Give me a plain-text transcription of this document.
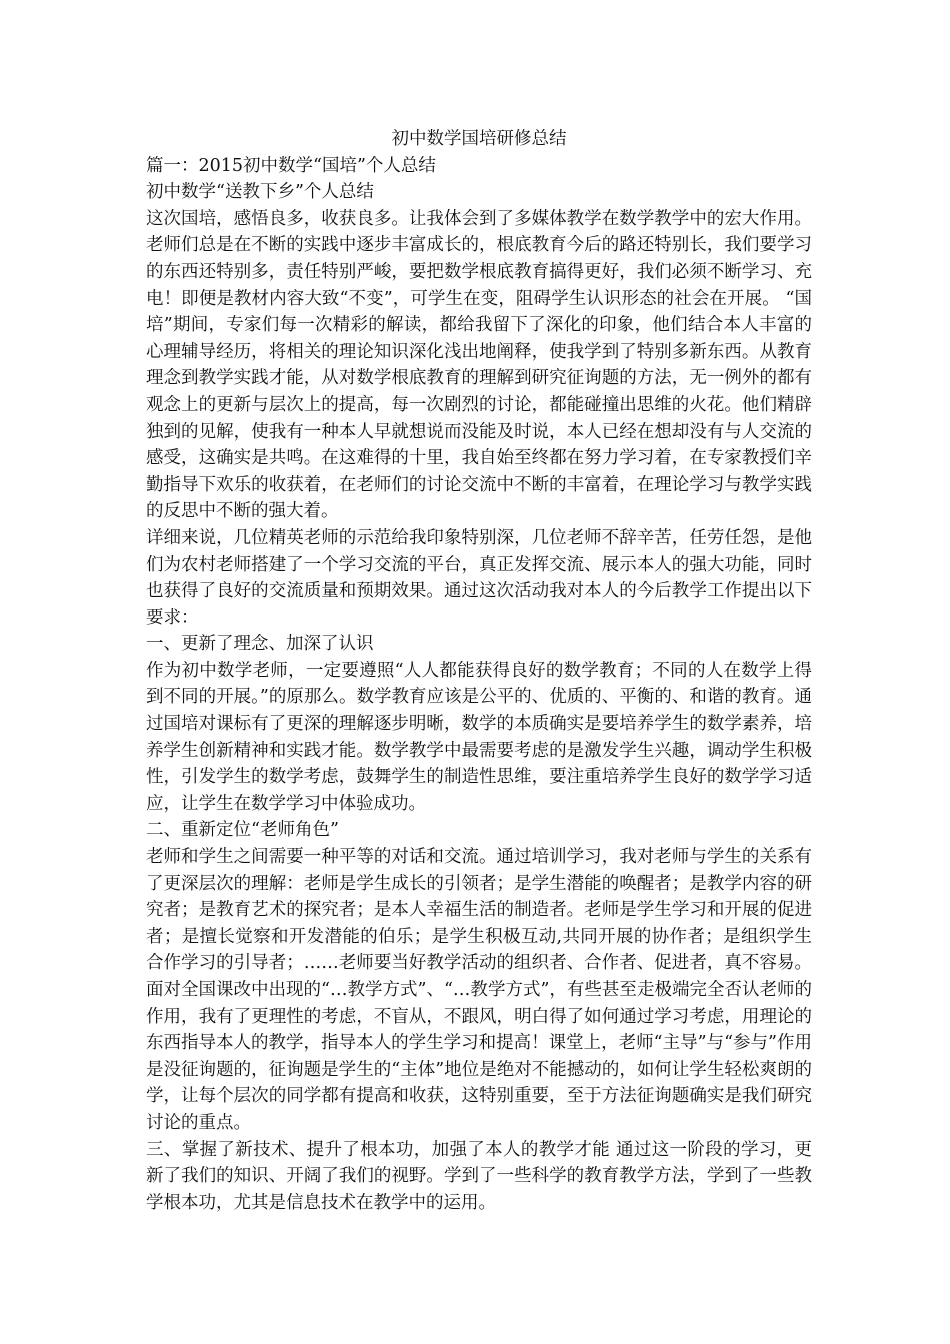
初中数学国培研修总结

篇一：2015初中数学“国培”个人总结

初中数学“送教下乡”个人总结

这次国培，感悟良多，收获良多。让我体会到了多媒体教学在数学教学中的宏大作用。老师们总是在不断的实践中逐步丰富成长的，根底教育今后的路还特别长，我们要学习的东西还特别多，责任特别严峻，要把数学根底教育搞得更好，我们必须不断学习、充电！即便是教材内容大致“不变”，可学生在变，阻碍学生认识形态的社会在开展。 “国培”期间，专家们每一次精彩的解读，都给我留下了深化的印象，他们结合本人丰富的心理辅导经历，将相关的理论知识深化浅出地阐释，使我学到了特别多新东西。从教育理念到教学实践才能，从对数学根底教育的理解到研究征询题的方法，无一例外的都有观念上的更新与层次上的提高，每一次剧烈的讨论，都能碰撞出思维的火花。他们精辟独到的见解，使我有一种本人早就想说而没能及时说，本人已经在想却没有与人交流的感受，这确实是共鸣。在这难得的十里，我自始至终都在努力学习着，在专家教授们辛勤指导下欢乐的收获着，在老师们的讨论交流中不断的丰富着，在理论学习与教学实践的反思中不断的强大着。

详细来说，几位精英老师的示范给我印象特别深，几位老师不辞辛苦，任劳任怨，是他们为农村老师搭建了一个学习交流的平台，真正发挥交流、展示本人的强大功能，同时也获得了良好的交流质量和预期效果。通过这次活动我对本人的今后教学工作提出以下要求：

一、更新了理念、加深了认识

作为初中数学老师，一定要遵照“人人都能获得良好的数学教育；不同的人在数学上得到不同的开展。”的原那么。数学教育应该是公平的、优质的、平衡的、和谐的教育。通过国培对课标有了更深的理解逐步明晰，数学的本质确实是要培养学生的数学素养，培养学生创新精神和实践才能。数学教学中最需要考虑的是激发学生兴趣，调动学生积极性，引发学生的数学考虑，鼓舞学生的制造性思维，要注重培养学生良好的数学学习适应，让学生在数学学习中体验成功。

二、重新定位“老师角色”

老师和学生之间需要一种平等的对话和交流。通过培训学习，我对老师与学生的关系有了更深层次的理解：老师是学生成长的引领者；是学生潜能的唤醒者；是教学内容的研究者；是教育艺术的探究者；是本人幸福生活的制造者。老师是学生学习和开展的促进者；是擅长觉察和开发潜能的伯乐；是学生积极互动,共同开展的协作者；是组织学生合作学习的引导者；……老师要当好教学活动的组织者、合作者、促进者，真不容易。面对全国课改中出现的“…教学方式”、“…教学方式”，有些甚至走极端完全否认老师的作用，我有了更理性的考虑，不盲从，不跟风，明白得了如何通过学习考虑，用理论的东西指导本人的教学，指导本人的学生学习和提高！课堂上，老师“主导”与“参与”作用是没征询题的，征询题是学生的“主体”地位是绝对不能撼动的，如何让学生轻松爽朗的学，让每个层次的同学都有提高和收获，这特别重要，至于方法征询题确实是我们研究讨论的重点。

三、掌握了新技术、提升了根本功，加强了本人的教学才能 通过这一阶段的学习，更新了我们的知识、开阔了我们的视野。学到了一些科学的教育教学方法，学到了一些教学根本功，尤其是信息技术在教学中的运用。
